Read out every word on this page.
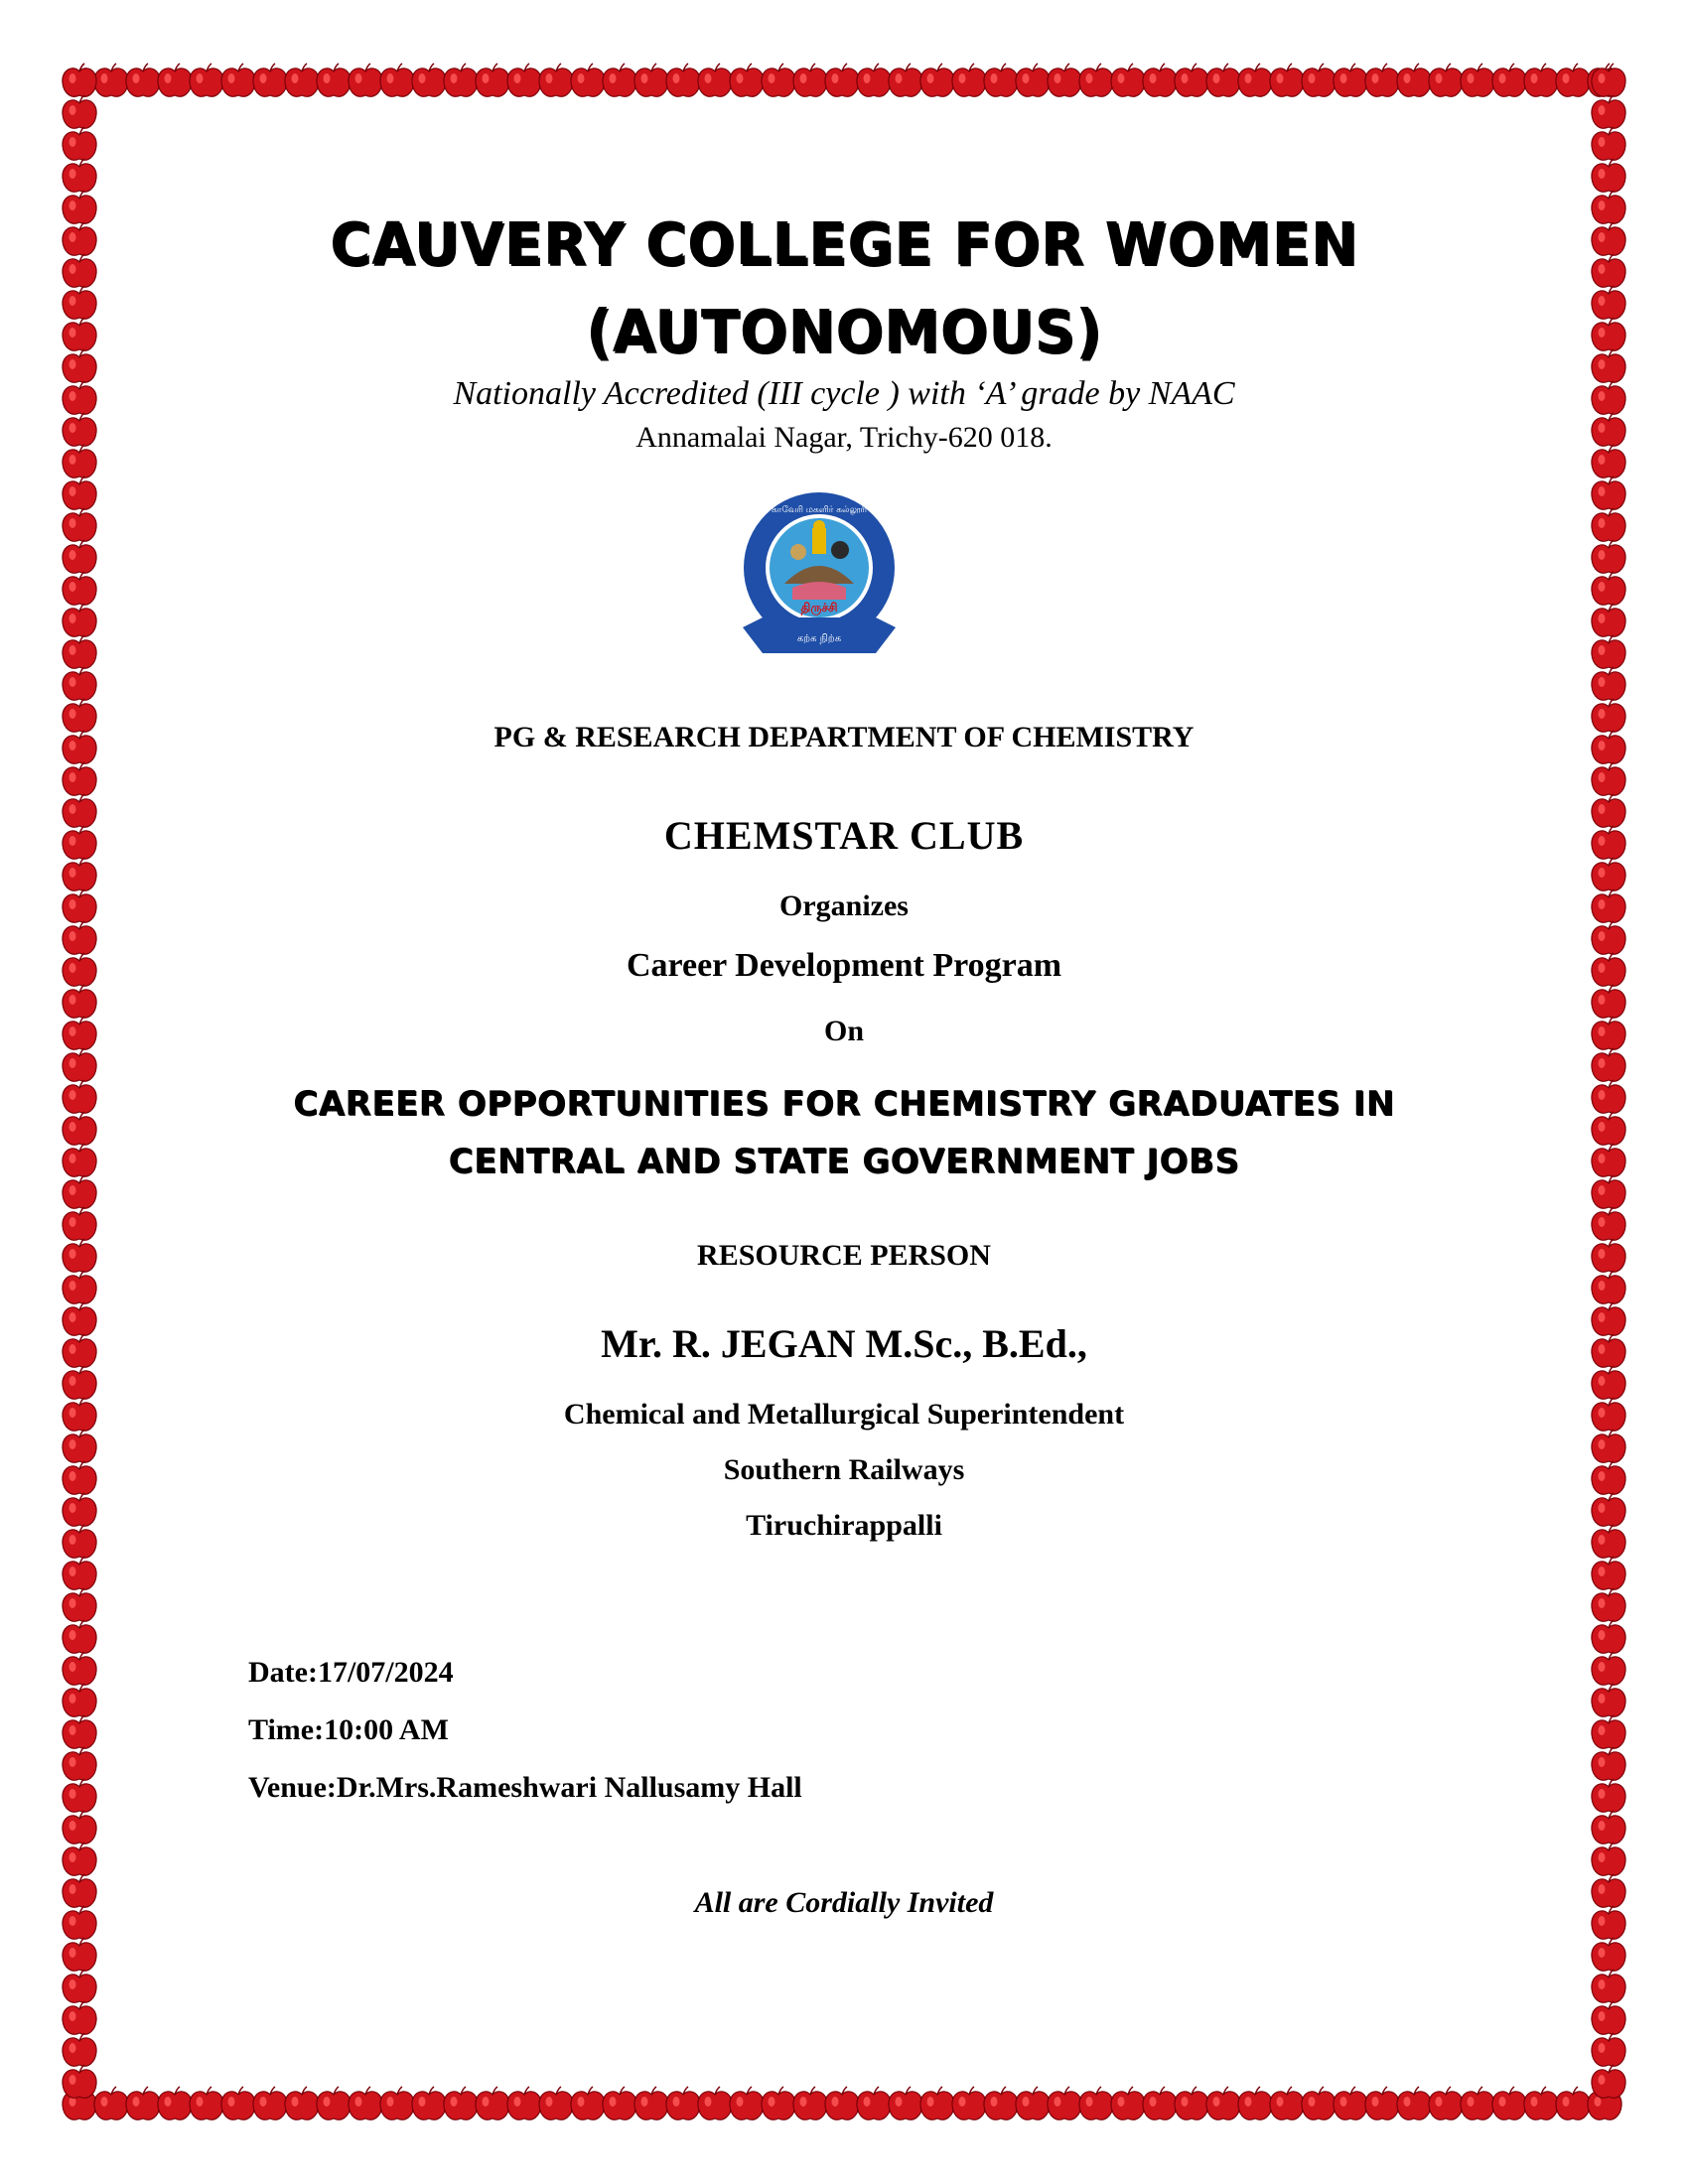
CAUVERY COLLEGE FOR WOMEN
(AUTONOMOUS)
Nationally Accredited (III cycle ) with ‘A’ grade by NAAC
Annamalai Nagar, Trichy-620 018.
காவேரி மகளிர் கல்லூரி
திருச்சி
கற்க நிற்க
PG & RESEARCH DEPARTMENT OF CHEMISTRY
CHEMSTAR CLUB
Organizes
Career Development Program
On
CAREER OPPORTUNITIES FOR CHEMISTRY GRADUATES IN
CENTRAL AND STATE GOVERNMENT JOBS
RESOURCE PERSON
Mr. R. JEGAN M.Sc., B.Ed.,
Chemical and Metallurgical Superintendent
Southern Railways
Tiruchirappalli
Date:17/07/2024
Time:10:00 AM
Venue:Dr.Mrs.Rameshwari Nallusamy Hall
All are Cordially Invited
